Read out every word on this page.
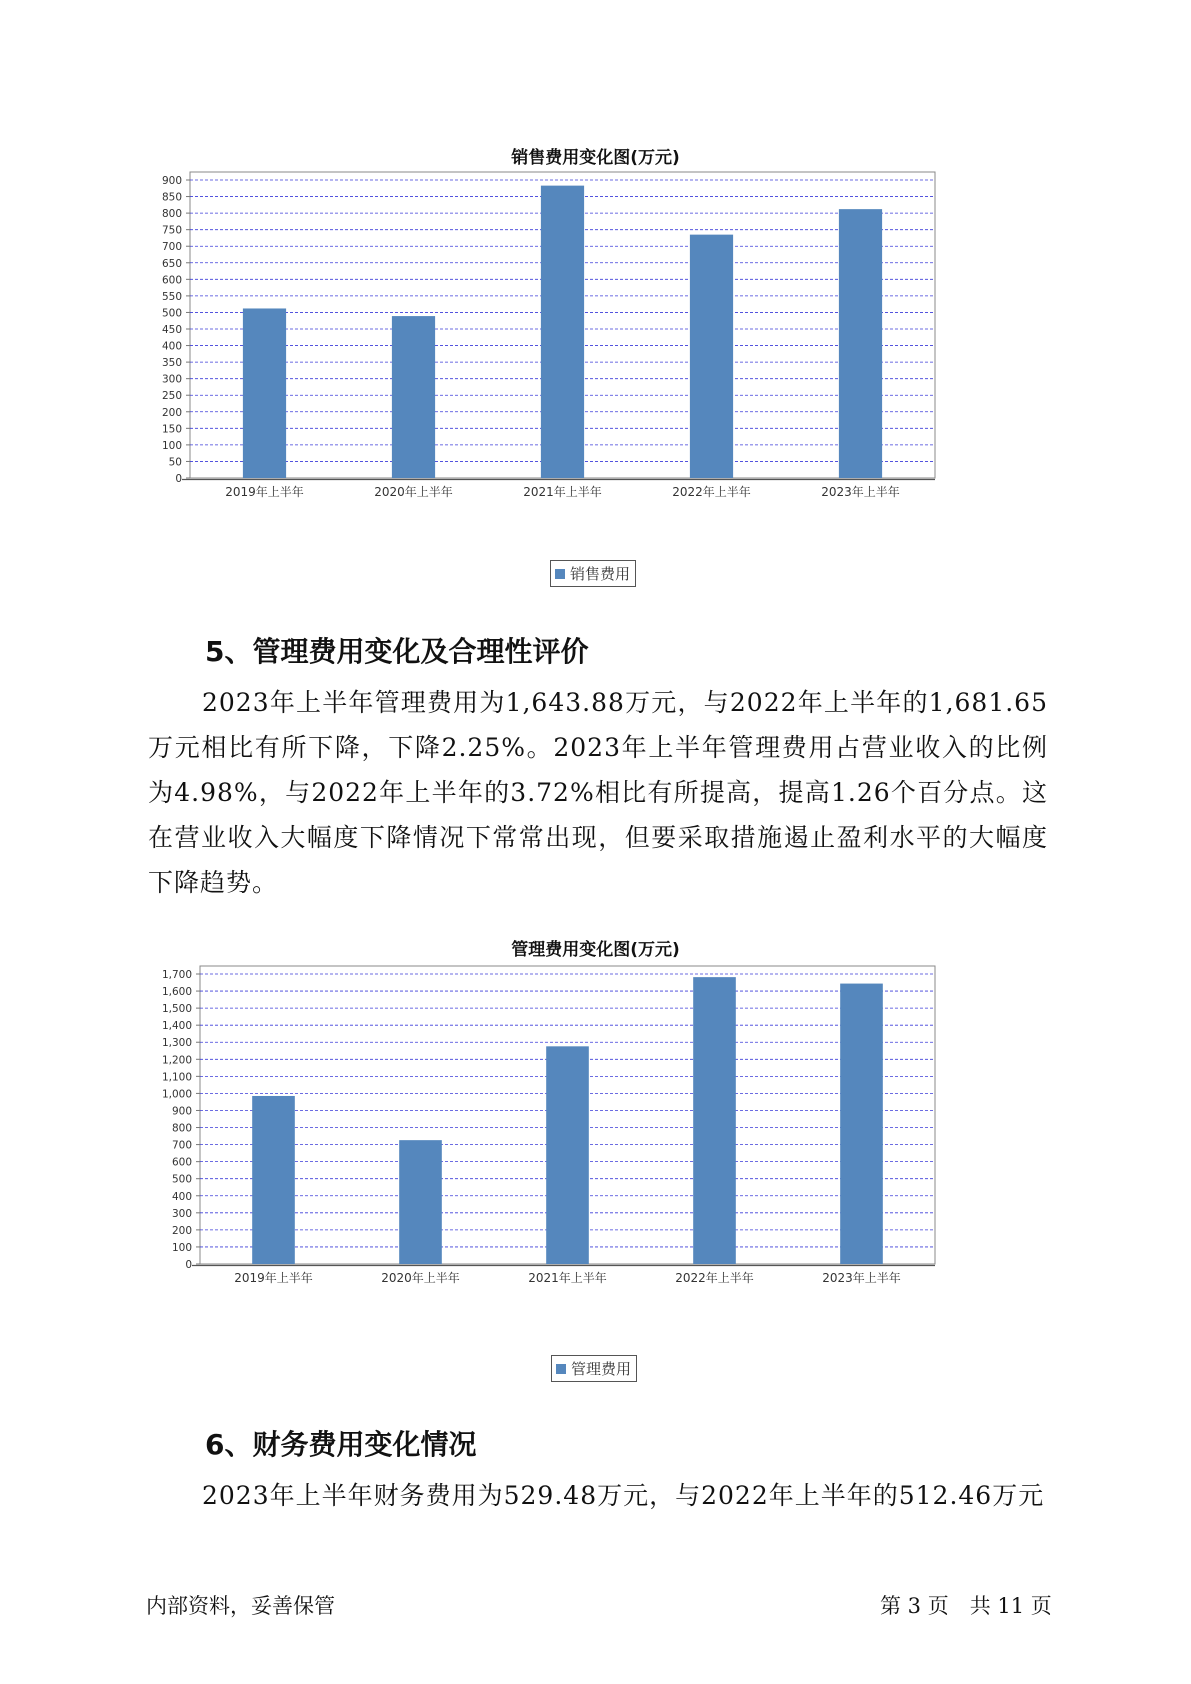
销售费用变化图(万元)
0
50
100
150
200
250
300
350
400
450
500
550
600
650
700
750
800
850
900
2019年上半年	2020年上半年	2021年上半年	2022年上半年	2023年上半年
销售费用
5、管理费用变化及合理性评价

2023年上半年管理费用为1,643.88万元，与2022年上半年的1,681.65万元相比有所下降，下降2.25%。2023年上半年管理费用占营业收入的比例为4.98%，与2022年上半年的3.72%相比有所提高，提高1.26个百分点。这在营业收入大幅度下降情况下常常出现，但要采取措施遏止盈利水平的大幅度下降趋势。

管理费用变化图(万元)
0
100
200
300
400
500
600
700
800
900
1,000
1,100
1,200
1,300
1,400
1,500
1,600
1,700
2019年上半年	2020年上半年	2021年上半年	2022年上半年	2023年上半年
管理费用
6、财务费用变化情况

2023年上半年财务费用为529.48万元，与2022年上半年的512.46万元

内部资料，妥善保管	第 3 页　共 11 页
